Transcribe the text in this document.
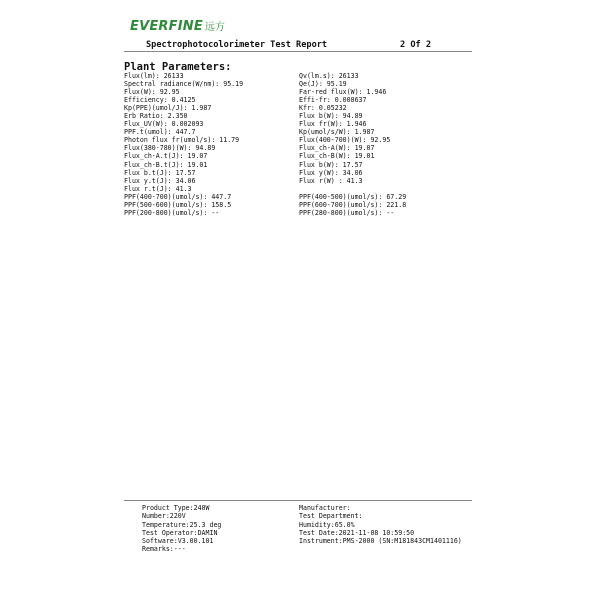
EVERFINE 远方
Spectrophotocolorimeter Test Report	2 Of 2
Plant Parameters:
Flux(lm): 26133
Spectral radiance(W/nm): 95.19
Flux(W): 92.95
Efficiency: 0.4125
Kp(PPE)(umol/J): 1.987
Erb Ratio: 2.350
Flux_UV(W): 0.002093
PPF.t(umol): 447.7
Photon flux fr(umol/s): 11.79
Flux(380-780)(W): 94.89
Flux_ch-A.t(J): 19.07
Flux_ch-B.t(J): 19.01
Flux b.t(J): 17.57
Flux y.t(J): 34.06
Flux r.t(J): 41.3
PPF(400-700)(umol/s): 447.7
PPF(500-600)(umol/s): 158.5
PPF(200-800)(umol/s): --
Qv(lm.s): 26133
Qe(J): 95.19
Far-red flux(W): 1.946
Effi-fr: 0.008637
Kfr: 0.05232
Flux b(W): 94.89
Flux fr(W): 1.946
Kp(umol/s/W): 1.987
Flux(400-700)(W): 92.95
Flux_ch-A(W): 19.07
Flux_ch-B(W): 19.01
Flux b(W): 17.57
Flux y(W): 34.06
Flux r(W) : 41.3
PPF(400-500)(umol/s): 67.29
PPF(600-700)(umol/s): 221.8
PPF(280-800)(umol/s): --
Product Type:240W
Number:220V
Temperature:25.3 deg
Test Operator:DAMIN
Software:V3.00.101
Remarks:---
Manufacturer:
Test Department:
Humidity:65.0%
Test Date:2021-11-08 10:59:50
Instrument:PMS-2000 (SN:M181843CM1401116)
